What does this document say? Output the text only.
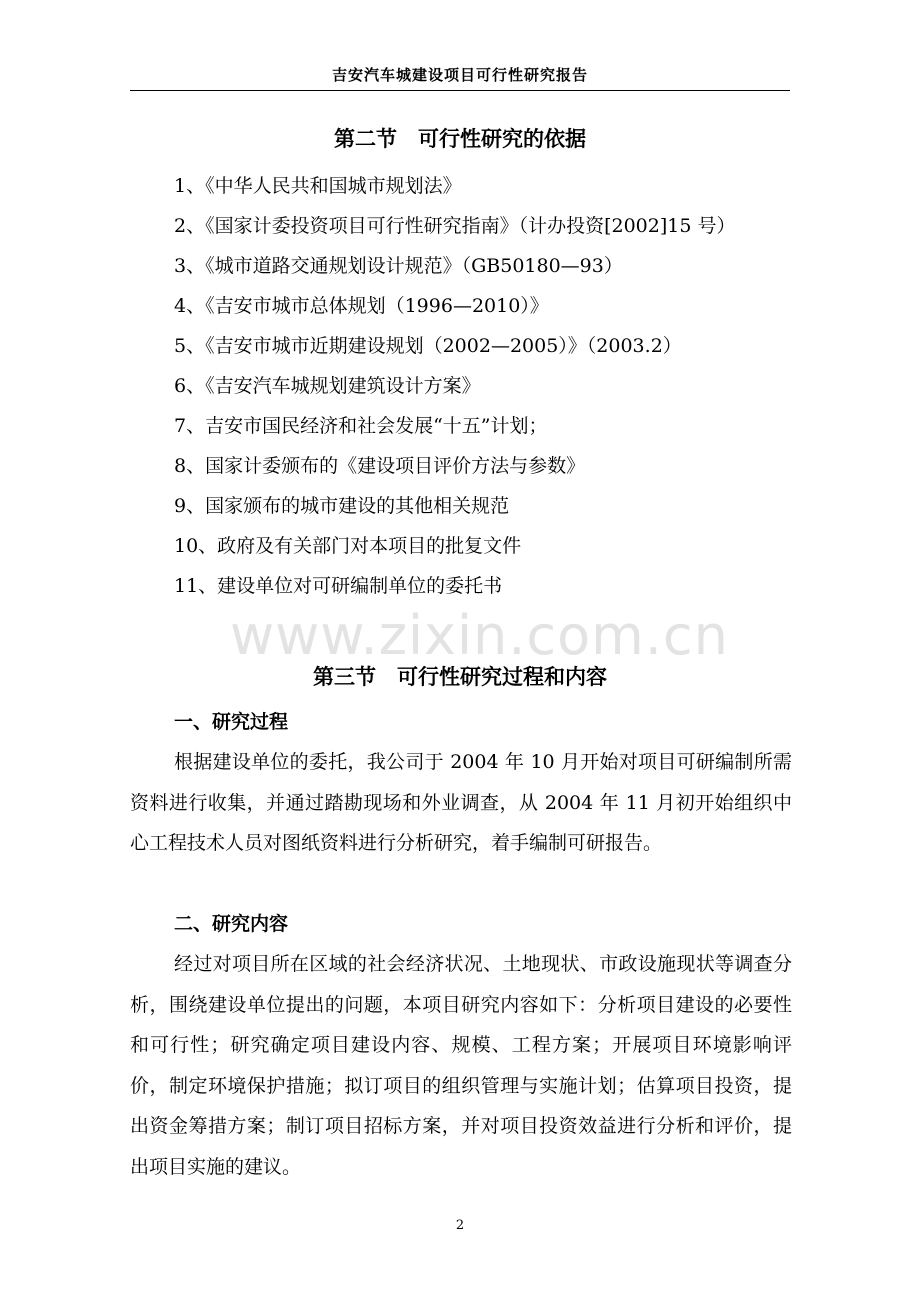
吉安汽车城建设项目可行性研究报告
第二节　可行性研究的依据
1、《中华人民共和国城市规划法》
2、《国家计委投资项目可行性研究指南》（计办投资[2002]15 号）
3、《城市道路交通规划设计规范》（GB50180—93）
4、《吉安市城市总体规划（1996—2010）》
5、《吉安市城市近期建设规划（2002—2005）》（2003.2）
6、《吉安汽车城规划建筑设计方案》
7、吉安市国民经济和社会发展“十五”计划；
8、国家计委颁布的《建设项目评价方法与参数》
9、国家颁布的城市建设的其他相关规范
10、政府及有关部门对本项目的批复文件
11、建设单位对可研编制单位的委托书
www.zixin.com.cn
第三节　可行性研究过程和内容
一、研究过程

根据建设单位的委托，我公司于 2004 年 10 月开始对项目可研编制所需资料进行收集，并通过踏勘现场和外业调查，从 2004 年 11 月初开始组织中心工程技术人员对图纸资料进行分析研究，着手编制可研报告。

二、研究内容

经过对项目所在区域的社会经济状况、土地现状、市政设施现状等调查分析，围绕建设单位提出的问题，本项目研究内容如下：分析项目建设的必要性和可行性；研究确定项目建设内容、规模、工程方案；开展项目环境影响评价，制定环境保护措施；拟订项目的组织管理与实施计划；估算项目投资，提出资金筹措方案；制订项目招标方案，并对项目投资效益进行分析和评价，提出项目实施的建议。

2
